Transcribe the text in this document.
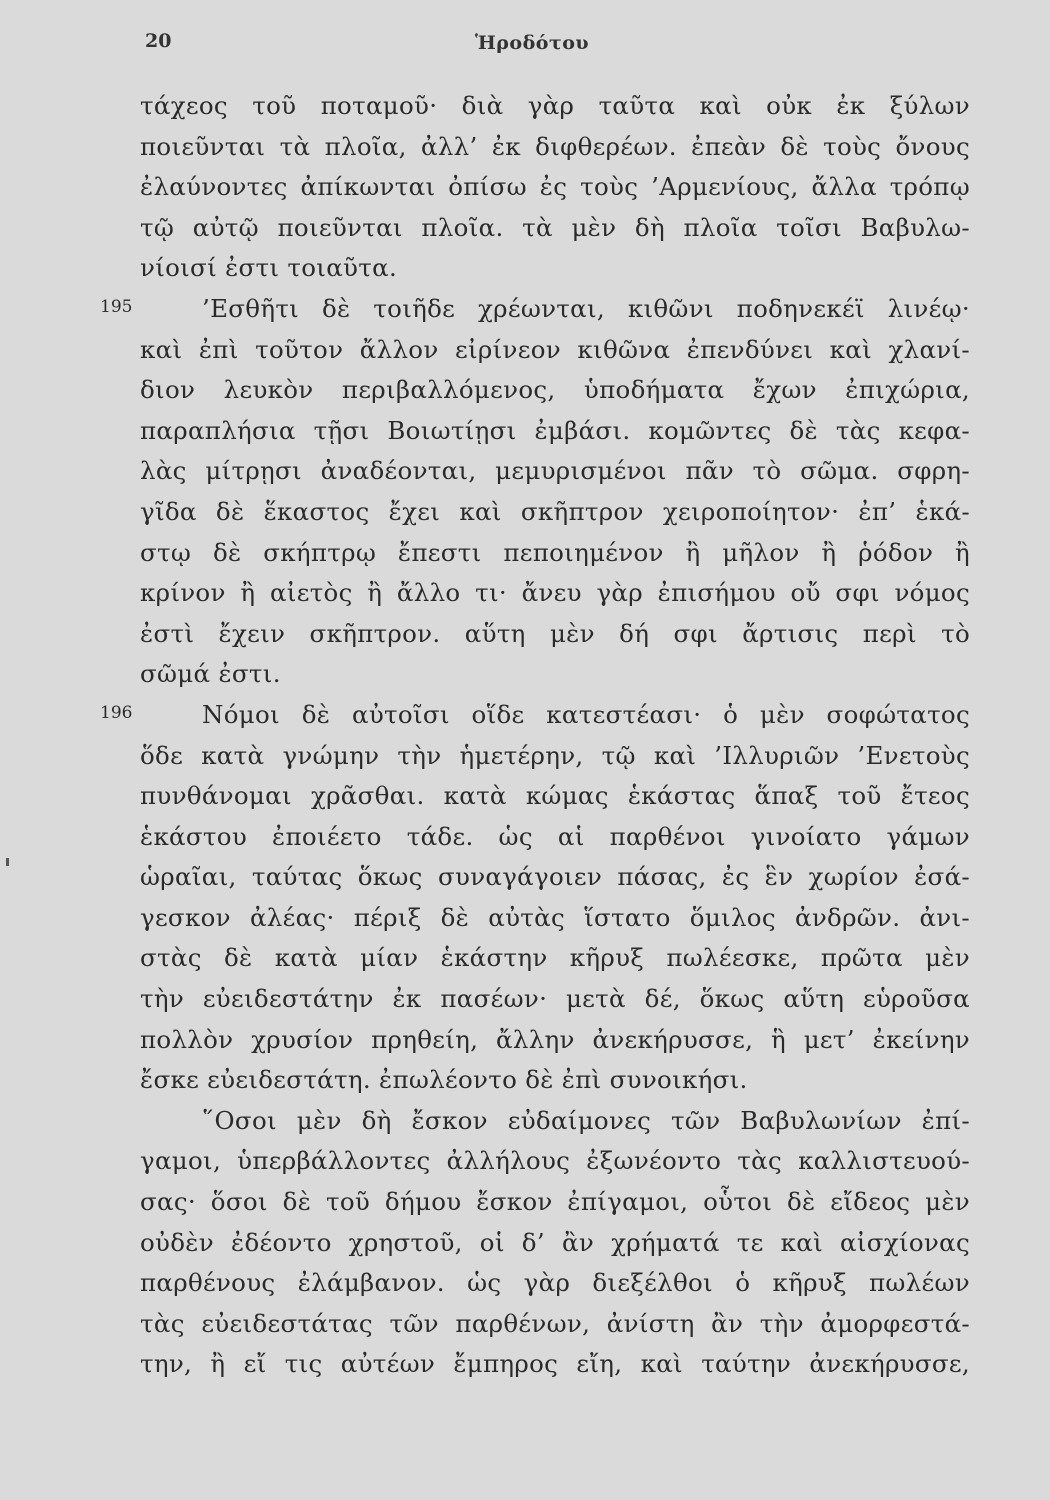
20	Ἡροδότου
τάχεος τοῦ ποταμοῦ· διὰ γὰρ ταῦτα καὶ οὐκ ἐκ ξύλων
ποιεῦνται τὰ πλοῖα, ἀλλ’ ἐκ διφθερέων. ἐπεὰν δὲ τοὺς ὄνους
ἐλαύνοντες ἀπίκωνται ὀπίσω ἐς τοὺς ’Αρμενίους, ἄλλα τρόπῳ
τῷ αὐτῷ ποιεῦνται πλοῖα. τὰ μὲν δὴ πλοῖα τοῖσι Βαβυλω-
νίοισί ἐστι τοιαῦτα.
195	’Εσθῆτι δὲ τοιῆδε χρέωνται, κιθῶνι ποδηνεκέϊ λινέῳ·
καὶ ἐπὶ τοῦτον ἄλλον εἰρίνεον κιθῶνα ἐπενδύνει καὶ χλανί-
διον λευκὸν περιβαλλόμενος, ὑποδήματα ἔχων ἐπιχώρια,
παραπλήσια τῇσι Βοιωτίῃσι ἐμβάσι. κομῶντες δὲ τὰς κεφα-
λὰς μίτρῃσι ἀναδέονται, μεμυρισμένοι πᾶν τὸ σῶμα. σφρη-
γῖδα δὲ ἕκαστος ἔχει καὶ σκῆπτρον χειροποίητον· ἐπ’ ἑκά-
στῳ δὲ σκήπτρῳ ἔπεστι πεποιημένον ἢ μῆλον ἢ ῥόδον ἢ
κρίνον ἢ αἰετὸς ἢ ἄλλο τι· ἄνευ γὰρ ἐπισήμου οὔ σφι νόμος
ἐστὶ ἔχειν σκῆπτρον. αὕτη μὲν δή σφι ἄρτισις περὶ τὸ
σῶμά ἐστι.
196	Νόμοι δὲ αὐτοῖσι οἵδε κατεστέασι· ὁ μὲν σοφώτατος
ὅδε κατὰ γνώμην τὴν ἡμετέρην, τῷ καὶ ’Ιλλυριῶν ’Ενετοὺς
πυνθάνομαι χρᾶσθαι. κατὰ κώμας ἑκάστας ἅπαξ τοῦ ἔτεος
ἑκάστου ἐποιέετο τάδε. ὡς αἱ παρθένοι γινοίατο γάμων
ὡραῖαι, ταύτας ὅκως συναγάγοιεν πάσας, ἐς ἓν χωρίον ἐσά-
γεσκον ἀλέας· πέριξ δὲ αὐτὰς ἵστατο ὅμιλος ἀνδρῶν. ἀνι-
στὰς δὲ κατὰ μίαν ἑκάστην κῆρυξ πωλέεσκε, πρῶτα μὲν
τὴν εὐειδεστάτην ἐκ πασέων· μετὰ δέ, ὅκως αὕτη εὑροῦσα
πολλὸν χρυσίον πρηθείη, ἄλλην ἀνεκήρυσσε, ἣ μετ’ ἐκείνην
ἔσκε εὐειδεστάτη. ἐπωλέοντο δὲ ἐπὶ συνοικήσι.
῞Οσοι μὲν δὴ ἔσκον εὐδαίμονες τῶν Βαβυλωνίων ἐπί-
γαμοι, ὑπερβάλλοντες ἀλλήλους ἐξωνέοντο τὰς καλλιστευού-
σας· ὅσοι δὲ τοῦ δήμου ἔσκον ἐπίγαμοι, οὗτοι δὲ εἴδεος μὲν
οὐδὲν ἐδέοντο χρηστοῦ, οἱ δ’ ἂν χρήματά τε καὶ αἰσχίονας
παρθένους ἐλάμβανον. ὡς γὰρ διεξέλθοι ὁ κῆρυξ πωλέων
τὰς εὐειδεστάτας τῶν παρθένων, ἀνίστη ἂν τὴν ἀμορφεστά-
την, ἢ εἴ τις αὐτέων ἔμπηρος εἴη, καὶ ταύτην ἀνεκήρυσσε,
